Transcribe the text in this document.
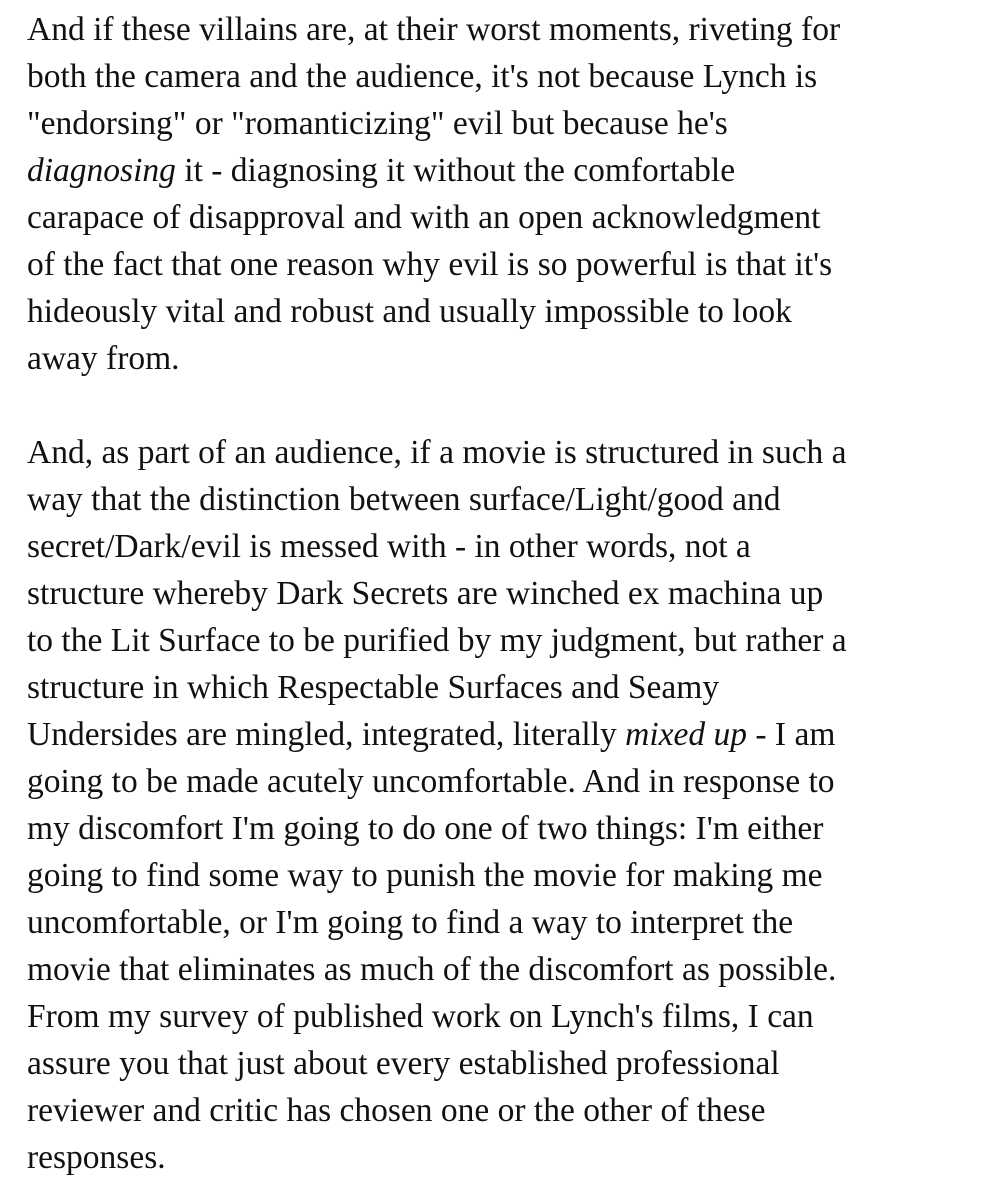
And if these villains are, at their worst moments, riveting for
both the camera and the audience, it's not because Lynch is
"endorsing" or "romanticizing" evil but because he's
diagnosing it - diagnosing it without the comfortable
carapace of disapproval and with an open acknowledgment
of the fact that one reason why evil is so powerful is that it's
hideously vital and robust and usually impossible to look
away from.

And, as part of an audience, if a movie is structured in such a
way that the distinction between surface/Light/good and
secret/Dark/evil is messed with - in other words, not a
structure whereby Dark Secrets are winched ex machina up
to the Lit Surface to be purified by my judgment, but rather a
structure in which Respectable Surfaces and Seamy
Undersides are mingled, integrated, literally mixed up - I am
going to be made acutely uncomfortable. And in response to
my discomfort I'm going to do one of two things: I'm either
going to find some way to punish the movie for making me
uncomfortable, or I'm going to find a way to interpret the
movie that eliminates as much of the discomfort as possible.
From my survey of published work on Lynch's films, I can
assure you that just about every established professional
reviewer and critic has chosen one or the other of these
responses.
